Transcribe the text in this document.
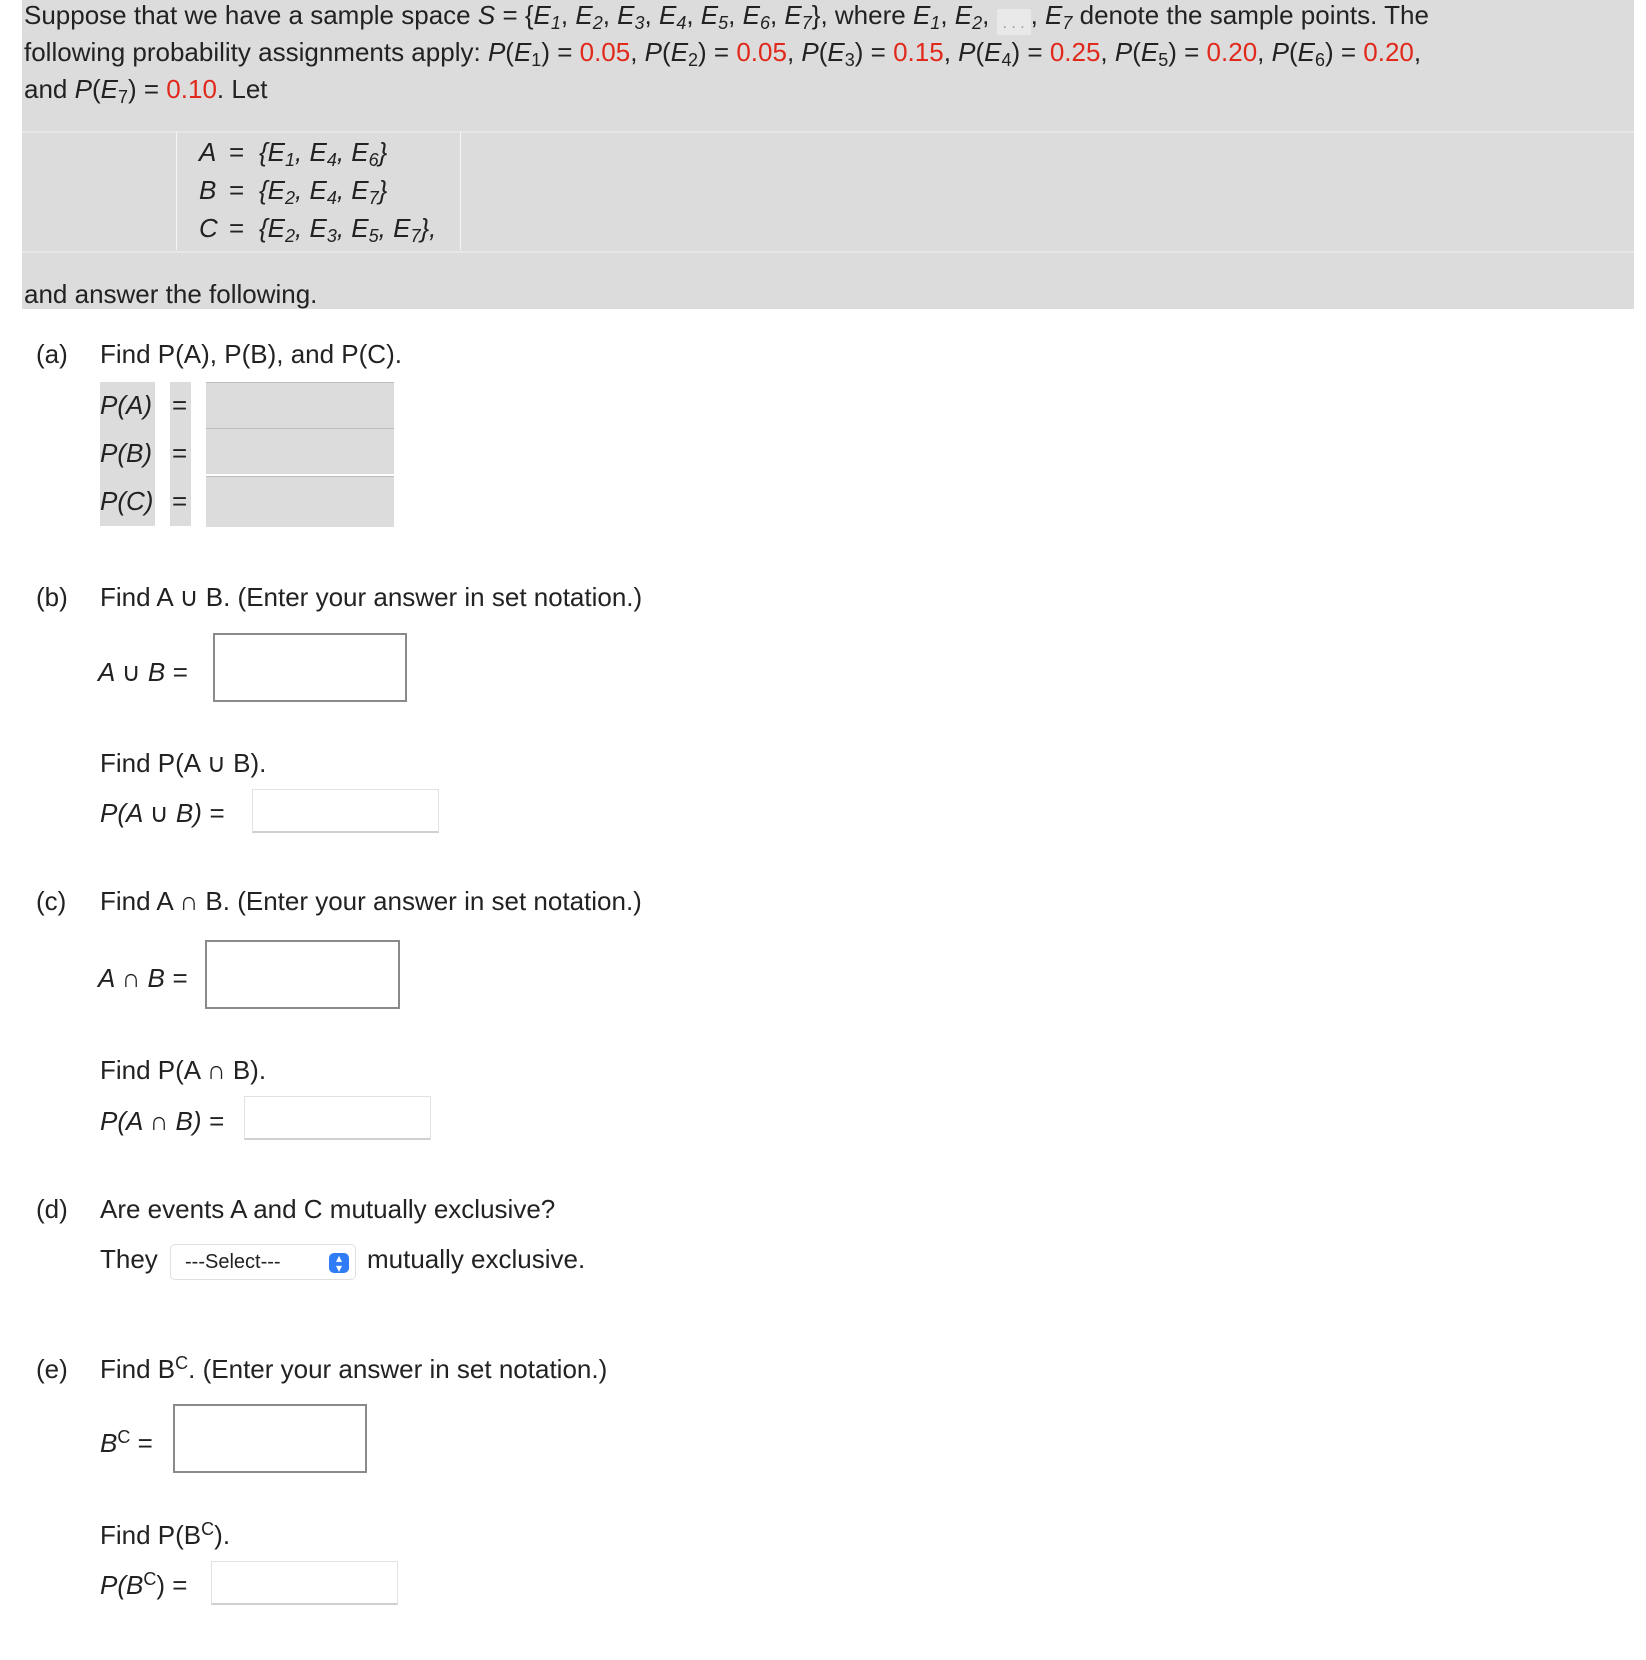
Suppose that we have a sample space $S = \{E_1$, $E_2$, $E_3$, $E_4$, $E_5$, $E_6$, $E_7$}, where $E_1$, $E_2$, . . . , $E_7$ denote the sample points. The
following probability assignments apply: $P(E_1) = 0.05$, $P(E_2) = 0.05$, $P(E_3) = 0.15$, $P(E_4) = 0.25$, $P(E_5) = 0.20$, $P(E_6) = 0.20$,
and $P(E_7) = 0.10$. Let
$A = \{E_1$, $E_4$, $E_6$}
$B = \{E_2$, $E_4$, $E_7$}
$C = \{E_2$, $E_3$, $E_5$, $E_7$},
and answer the following.
(a) Find P(A), P(B), and P(C).
P(A) =
P(B) =
P(C) =
(b) Find A ∪ B. (Enter your answer in set notation.)
A ∪ B =
Find P(A ∪ B).
P(A ∪ B) =
(c) Find A ∩ B. (Enter your answer in set notation.)
A ∩ B =
Find P(A ∩ B).
P(A ∩ B) =
(d) Are events A and C mutually exclusive?
They	---Select---	▴
▾ mutually exclusive.
(e) Find $B^C$. (Enter your answer in set notation.)
$B^C$ =
Find $P(B^C)$.
$P(B^C)$ =
